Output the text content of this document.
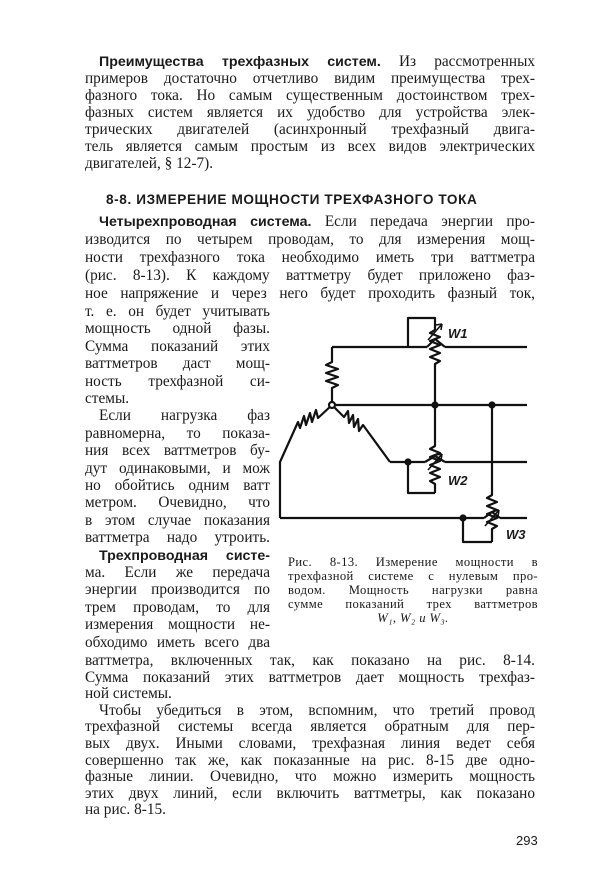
Преимущества трехфазных систем. Из рассмотренных
примеров достаточно отчетливо видим преимущества трех-
фазного тока. Но самым существенным достоинством трех-
фазных систем является их удобство для устройства элек-
трических двигателей (асинхронный трехфазный двига-
тель является самым простым из всех видов электрических
двигателей, § 12-7).
Четырехпроводная система. Если передача энергии про-
изводится по четырем проводам, то для измерения мощ-
ности трехфазного тока необходимо иметь три ваттметра
(рис. 8-13). К каждому ваттметру будет приложено фаз-
ное напряжение и через него будет проходить фазный ток,
т. е. он будет учитывать
мощность одной фазы.
Сумма показаний этих
ваттметров даст мощ-
ность трехфазной си-
стемы.
Если нагрузка фаз
равномерна, то показа-
ния всех ваттметров бу-
дут одинаковыми, и мож
но обойтись одним ватт
метром. Очевидно, что
в этом случае показания
ваттметра надо утроить.
Трехпроводная систе-
ма. Если же передача
энергии производится по
трем проводам, то для
измерения мощности не-
обходимо иметь всего два
ваттметра, включенных так, как показано на рис. 8-14.
Сумма показаний этих ваттметров дает мощность трехфаз-
ной системы.
Чтобы убедиться в этом, вспомним, что третий провод
трехфазной системы всегда является обратным для пер-
вых двух. Иными словами, трехфазная линия ведет себя
совершенно так же, как показанные на рис. 8-15 две одно-
фазные линии. Очевидно, что можно измерить мощность
этих двух линий, если включить ваттметры, как показано
на рис. 8-15.
8-8. ИЗМЕРЕНИЕ МОЩНОСТИ ТРЕХФАЗНОГО ТОКА
W1
W2
W3
Рис. 8-13. Измерение мощности в
трехфазной системе с нулевым про-
водом. Мощность нагрузки равна
сумме показаний трех ваттметров
W₁, W₂ и W₃.
293
